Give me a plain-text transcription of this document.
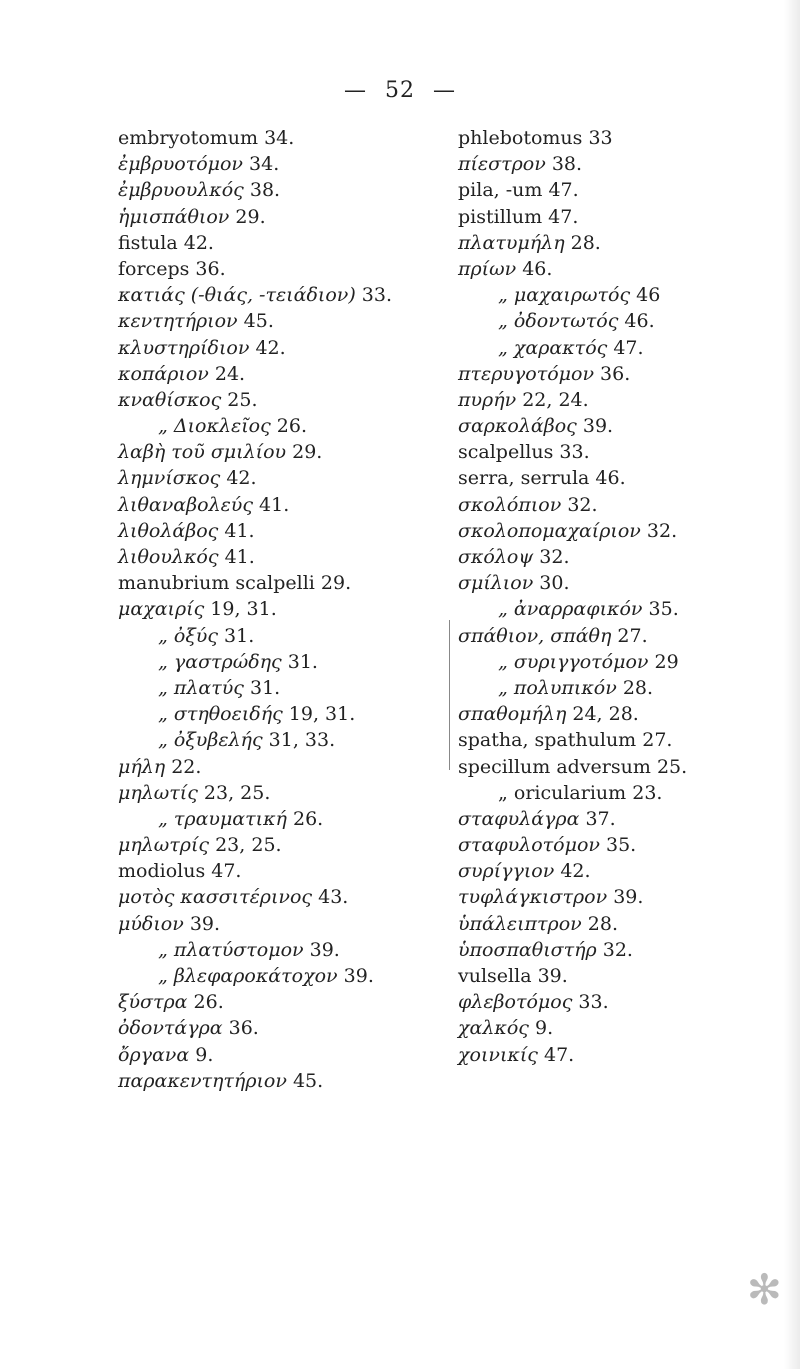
— 52 —
embryotomum 34.
ἐμβρυοτόμον 34.
ἐμβρυουλκός 38.
ἡμισπάθιον 29.
fistula 42.
forceps 36.
κατιάς (-θιάς, -τειάδιον) 33.
κεντητήριον 45.
κλυστηρίδιον 42.
κοπάριον 24.
κναθίσκος 25.
„ Διοκλεῖος 26.
λαβὴ τοῦ σμιλίου 29.
λημνίσκος 42.
λιθαναβολεύς 41.
λιθολάβος 41.
λιθουλκός 41.
manubrium scalpelli 29.
μαχαιρίς 19, 31.
„ ὀξύς 31.
„ γαστρώδης 31.
„ πλατύς 31.
„ στηθοειδής 19, 31.
„ ὀξυβελής 31, 33.
μήλη 22.
μηλωτίς 23, 25.
„ τραυματική 26.
μηλωτρίς 23, 25.
modiolus 47.
μοτὸς κασσιτέρινος 43.
μύδιον 39.
„ πλατύστομον 39.
„ βλεφαροκάτοχον 39.
ξύστρα 26.
ὀδοντάγρα 36.
ὄργανα 9.
παρακεντητήριον 45.
phlebotomus 33
πίεστρον 38.
pila, -um 47.
pistillum 47.
πλατυμήλη 28.
πρίων 46.
„ μαχαιρωτός 46
„ ὀδοντωτός 46.
„ χαρακτός 47.
πτερυγοτόμον 36.
πυρήν 22, 24.
σαρκολάβος 39.
scalpellus 33.
serra, serrula 46.
σκολόπιον 32.
σκολοπομαχαίριον 32.
σκόλοψ 32.
σμίλιον 30.
„ ἀναρραφικόν 35.
σπάθιον, σπάθη 27.
„ συριγγοτόμον 29
„ πολυπικόν 28.
σπαθομήλη 24, 28.
spatha, spathulum 27.
specillum adversum 25.
„ oricularium 23.
σταφυλάγρα 37.
σταφυλοτόμον 35.
συρίγγιον 42.
τυφλάγκιστρον 39.
ὑπάλειπτρον 28.
ὑποσπαθιστήρ 32.
vulsella 39.
φλεβοτόμος 33.
χαλκός 9.
χοινικίς 47.
✻
